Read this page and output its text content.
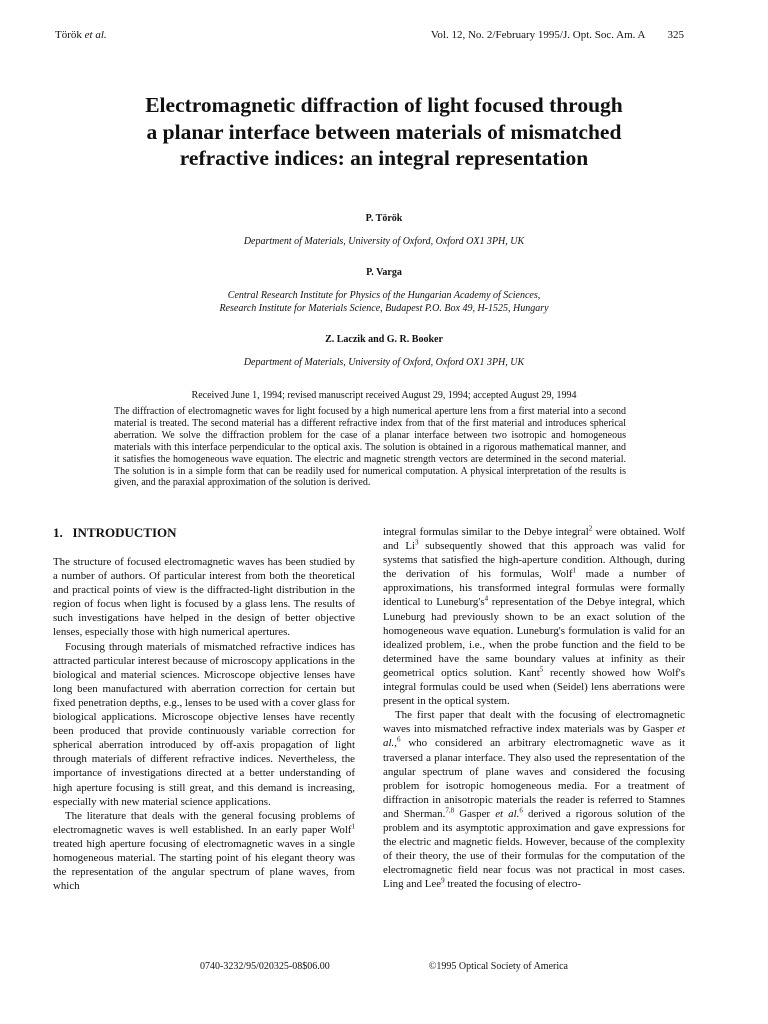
Török et al.	Vol. 12, No. 2/February 1995/J. Opt. Soc. Am. A 325
Electromagnetic diffraction of light focused through
a planar interface between materials of mismatched
refractive indices: an integral representation
P. Török
Department of Materials, University of Oxford, Oxford OX1 3PH, UK
P. Varga
Central Research Institute for Physics of the Hungarian Academy of Sciences,
Research Institute for Materials Science, Budapest P.O. Box 49, H-1525, Hungary
Z. Laczik and G. R. Booker
Department of Materials, University of Oxford, Oxford OX1 3PH, UK
Received June 1, 1994; revised manuscript received August 29, 1994; accepted August 29, 1994
The diffraction of electromagnetic waves for light focused by a high numerical aperture lens from a first material into a second material is treated. The second material has a different refractive index from that of the first material and introduces spherical aberration. We solve the diffraction problem for the case of a planar interface between two isotropic and homogeneous materials with this interface perpendicular to the optical axis. The solution is obtained in a rigorous mathematical manner, and it satisfies the homogeneous wave equation. The electric and magnetic strength vectors are determined in the second material. The solution is in a simple form that can be readily used for numerical computation. A physical interpretation of the results is given, and the paraxial approximation of the solution is derived.
1. INTRODUCTION

The structure of focused electromagnetic waves has been studied by a number of authors. Of particular interest from both the theoretical and practical points of view is the diffracted-light distribution in the region of focus when light is focused by a glass lens. The results of such investigations have helped in the design of better objective lenses, especially those with high numerical apertures.

Focusing through materials of mismatched refractive indices has attracted particular interest because of microscopy applications in the biological and material sciences. Microscope objective lenses have long been manufactured with aberration correction for certain but fixed penetration depths, e.g., lenses to be used with a cover glass for biological applications. Microscope objective lenses have recently been produced that provide continuously variable correction for spherical aberration introduced by off-axis propagation of light through materials of different refractive indices. Nevertheless, the importance of investigations directed at a better understanding of high aperture focusing is still great, and this demand is increasing, especially with new material science applications.

The literature that deals with the general focusing problems of electromagnetic waves is well established. In an early paper Wolf$^1$ treated high aperture focusing of electromagnetic waves in a single homogeneous material. The starting point of his elegant theory was the representation of the angular spectrum of plane waves, from which

integral formulas similar to the Debye integral$^2$ were obtained. Wolf and Li$^3$ subsequently showed that this approach was valid for systems that satisfied the high-aperture condition. Although, during the derivation of his formulas, Wolf$^1$ made a number of approximations, his transformed integral formulas were formally identical to $Luneburg's^4$ representation of the Debye integral, which Luneburg had previously shown to be an exact solution of the homogeneous wave equation. Luneburg's formulation is valid for an idealized problem, i.e., when the probe function and the field to be determined have the same boundary values at infinity as their geometrical optics solution. Kant$^5$ recently showed how Wolf's integral formulas could be used when (Seidel) lens aberrations were present in the optical system.

The first paper that dealt with the focusing of electromagnetic waves into mismatched refractive index materials was by Gasper et al.,$^6$ who considered an arbitrary electromagnetic wave as it traversed a planar interface. They also used the representation of the angular spectrum of plane waves and considered the focusing problem for isotropic homogeneous media. For a treatment of diffraction in anisotropic materials the reader is referred to Stamnes and Sherman.$^{7,8}$ Gasper et al.$^6$ derived a rigorous solution of the problem and its asymptotic approximation and gave expressions for the electric and magnetic fields. However, because of the complexity of their theory, the use of their formulas for the computation of the electromagnetic field near focus was not practical in most cases. Ling and Lee$^9$ treated the focusing of electro-

0740-3232/95/020325-08$06.00	©1995 Optical Society of America
